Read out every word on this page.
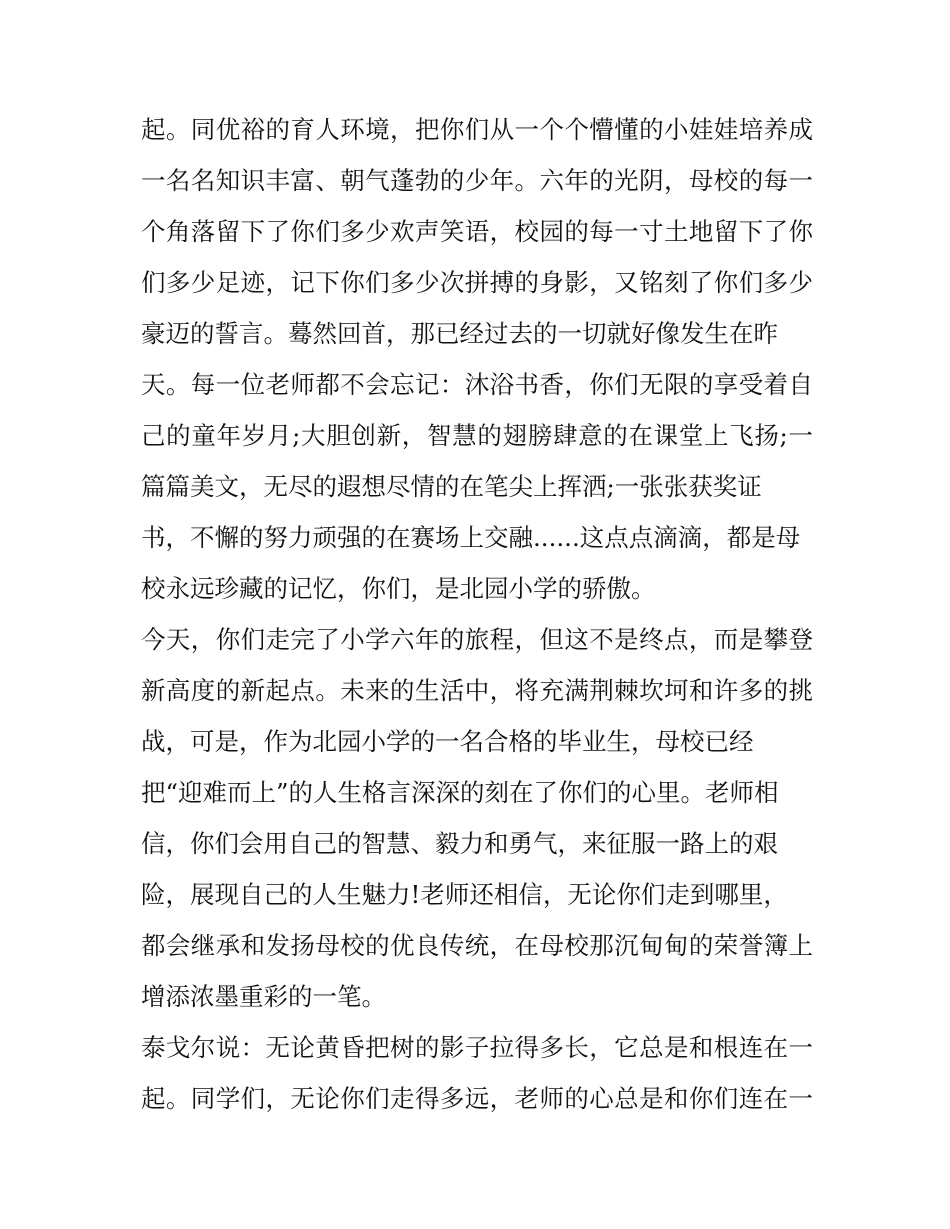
起。同优裕的育人环境，把你们从一个个懵懂的小娃娃培养成
一名名知识丰富、朝气蓬勃的少年。六年的光阴，母校的每一
个角落留下了你们多少欢声笑语，校园的每一寸土地留下了你
们多少足迹，记下你们多少次拼搏的身影，又铭刻了你们多少
豪迈的誓言。蓦然回首，那已经过去的一切就好像发生在昨
天。每一位老师都不会忘记：沐浴书香，你们无限的享受着自
己的童年岁月;大胆创新，智慧的翅膀肆意的在课堂上飞扬;一
篇篇美文，无尽的遐想尽情的在笔尖上挥洒;一张张获奖证
书，不懈的努力顽强的在赛场上交融......这点点滴滴，都是母
校永远珍藏的记忆，你们，是北园小学的骄傲。
今天，你们走完了小学六年的旅程，但这不是终点，而是攀登
新高度的新起点。未来的生活中，将充满荆棘坎坷和许多的挑
战，可是，作为北园小学的一名合格的毕业生，母校已经
把“迎难而上”的人生格言深深的刻在了你们的心里。老师相
信，你们会用自己的智慧、毅力和勇气，来征服一路上的艰
险，展现自己的人生魅力!老师还相信，无论你们走到哪里，
都会继承和发扬母校的优良传统，在母校那沉甸甸的荣誉簿上
增添浓墨重彩的一笔。
泰戈尔说：无论黄昏把树的影子拉得多长，它总是和根连在一
起。同学们，无论你们走得多远，老师的心总是和你们连在一
